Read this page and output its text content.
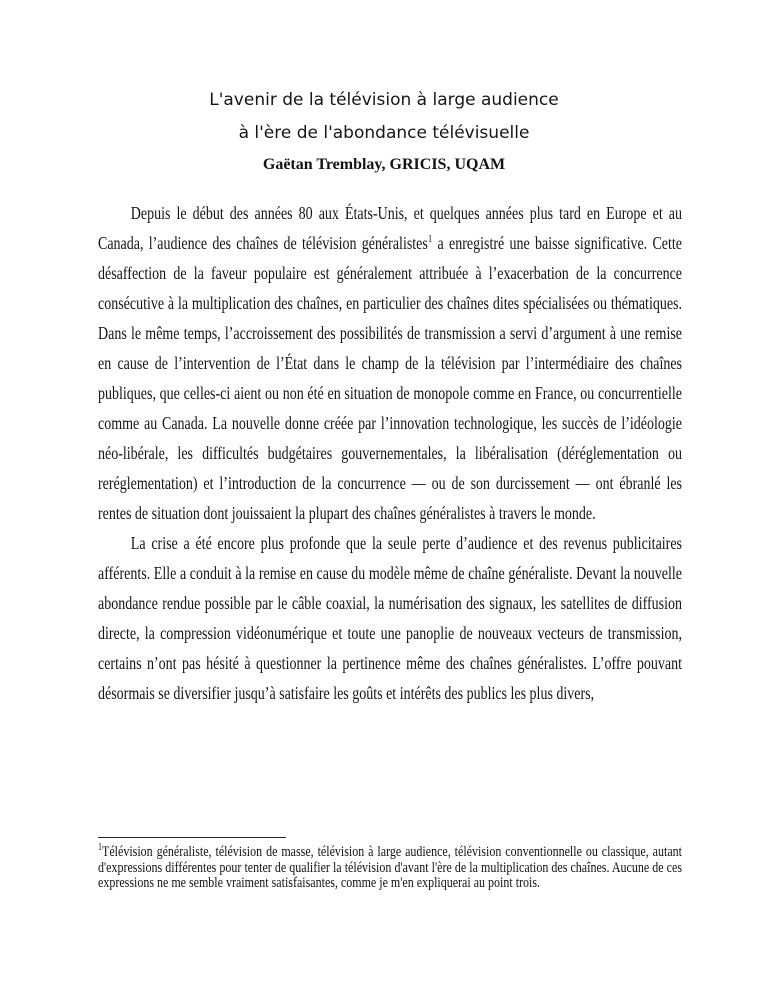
L'avenir de la télévision à large audience
à l'ère de l'abondance télévisuelle
Gaëtan Tremblay, GRICIS, UQAM

Depuis le début des années 80 aux États-Unis, et quelques années plus tard en Europe et au Canada, l’audience des chaînes de télévision généralistes$^1$ a enregistré une baisse significative. Cette désaffection de la faveur populaire est généralement attribuée à l’exacerbation de la concurrence consécutive à la multiplication des chaînes, en particulier des chaînes dites spécialisées ou thématiques. Dans le même temps, l’accroissement des possibilités de transmission a servi d’argument à une remise en cause de l’intervention de l’État dans le champ de la télévision par l’intermédiaire des chaînes publiques, que celles-ci aient ou non été en situation de monopole comme en France, ou concurrentielle comme au Canada. La nouvelle donne créée par l’innovation technologique, les succès de l’idéologie néo-libérale, les difficultés budgétaires gouvernementales, la libéralisation (déréglementation ou reréglementation) et l’introduction de la concurrence — ou de son durcissement — ont ébranlé les rentes de situation dont jouissaient la plupart des chaînes généralistes à travers le monde.

La crise a été encore plus profonde que la seule perte d’audience et des revenus publicitaires afférents. Elle a conduit à la remise en cause du modèle même de chaîne généraliste. Devant la nouvelle abondance rendue possible par le câble coaxial, la numérisation des signaux, les satellites de diffusion directe, la compression vidéonumérique et toute une panoplie de nouveaux vecteurs de transmission, certains n’ont pas hésité à questionner la pertinence même des chaînes généralistes. L’offre pouvant désormais se diversifier jusqu’à satisfaire les goûts et intérêts des publics les plus divers,

$^1$Télévision généraliste, télévision de masse, télévision à large audience, télévision conventionnelle ou classique, autant d'expressions différentes pour tenter de qualifier la télévision d'avant l'ère de la multiplication des chaînes. Aucune de ces expressions ne me semble vraiment satisfaisantes, comme je m'en expliquerai au point trois.
